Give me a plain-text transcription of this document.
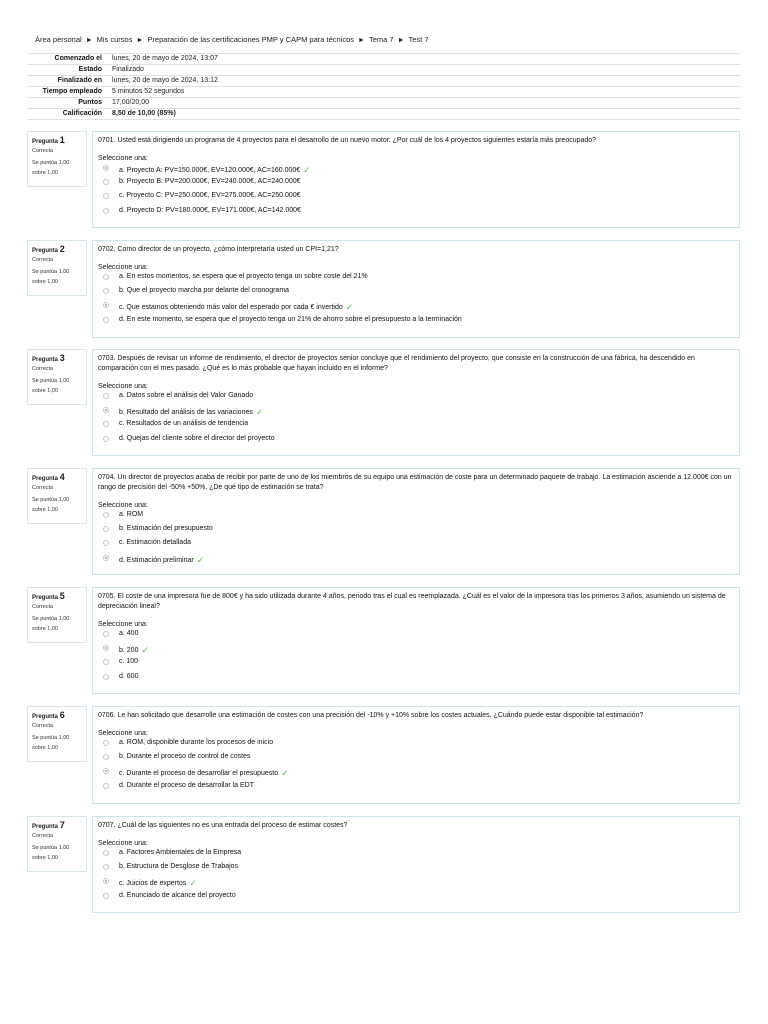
Área personal ► Mis cursos ► Preparación de las certificaciones PMP y CAPM para técnicos ► Tema 7 ► Test 7
Comenzado el	lunes, 20 de mayo de 2024, 13:07
Estado	Finalizado
Finalizado en	lunes, 20 de mayo de 2024, 13:12
Tiempo empleado	5 minutos 52 segundos
Puntos	17,00/20,00
Calificación	8,50 de 10,00 (85%)
Pregunta 1
Correcta
Se puntúa 1,00 sobre 1,00
0701. Usted está dirigiendo un programa de 4 proyectos para el desarrollo de un nuevo motor. ¿Por cuál de los 4 proyectos siguientes estaría más preocupado?
Seleccione una:
a. Proyecto A: PV=150.000€, EV=120.000€, AC=160.000€ ✓
b. Proyecto B: PV=200.000€, EV=240.000€, AC=240.000€
c. Proyecto C: PV=250.000€, EV=275.000€, AC=250.000€
d. Proyecto D: PV=180.000€, EV=171.000€, AC=142.000€
Pregunta 2
Correcta
Se puntúa 1,00 sobre 1,00
0702. Como director de un proyecto, ¿cómo interpretaría usted un CPI=1,21?
Seleccione una:
a. En estos momentos, se espera que el proyecto tenga un sobre coste del 21%
b. Que el proyecto marcha por delante del cronograma
c. Que estamos obteniendo más valor del esperado por cada € invertido ✓
d. En este momento, se espera que el proyecto tenga un 21% de ahorro sobre el presupuesto a la terminación
Pregunta 3
Correcta
Se puntúa 1,00 sobre 1,00
0703. Después de revisar un informe de rendimiento, el director de proyectos senior concluye que el rendimiento del proyecto, que consiste en la construcción de una fábrica, ha descendido en comparación con el mes pasado. ¿Qué es lo más probable que hayan incluido en el informe?
Seleccione una:
a. Datos sobre el análisis del Valor Ganado
b. Resultado del análisis de las variaciones ✓
c. Resultados de un análisis de tendencia
d. Quejas del cliente sobre el director del proyecto
Pregunta 4
Correcta
Se puntúa 1,00 sobre 1,00
0704. Un director de proyectos acaba de recibir por parte de uno de los miembros de su equipo una estimación de coste para un determinado paquete de trabajo. La estimación asciende a 12.000€ con un rango de precisión del -50% +50%. ¿De qué tipo de estimación se trata?
Seleccione una:
a. ROM
b. Estimación del presupuesto
c. Estimación detallada
d. Estimación preliminar ✓
Pregunta 5
Correcta
Se puntúa 1,00 sobre 1,00
0705. El coste de una impresora fue de 800€ y ha sido utilizada durante 4 años, periodo tras el cual es reemplazada. ¿Cuál es el valor de la impresora tras los primeros 3 años, asumiendo un sistema de depreciación lineal?
Seleccione una:
a. 400
b. 200 ✓
c. 100
d. 600
Pregunta 6
Correcta
Se puntúa 1,00 sobre 1,00
0706. Le han solicitado que desarrolle una estimación de costes con una precisión del -10% y +10% sobre los costes actuales. ¿Cuándo puede estar disponible tal estimación?
Seleccione una:
a. ROM, disponible durante los procesos de inicio
b. Durante el proceso de control de costes
c. Durante el proceso de desarrollar el presupuesto ✓
d. Durante el proceso de desarrollar la EDT
Pregunta 7
Correcta
Se puntúa 1,00 sobre 1,00
0707. ¿Cuál de las siguientes no es una entrada del proceso de estimar costes?
Seleccione una:
a. Factores Ambientales de la Empresa
b. Estructura de Desglose de Trabajos
c. Juicios de expertos ✓
d. Enunciado de alcance del proyecto
